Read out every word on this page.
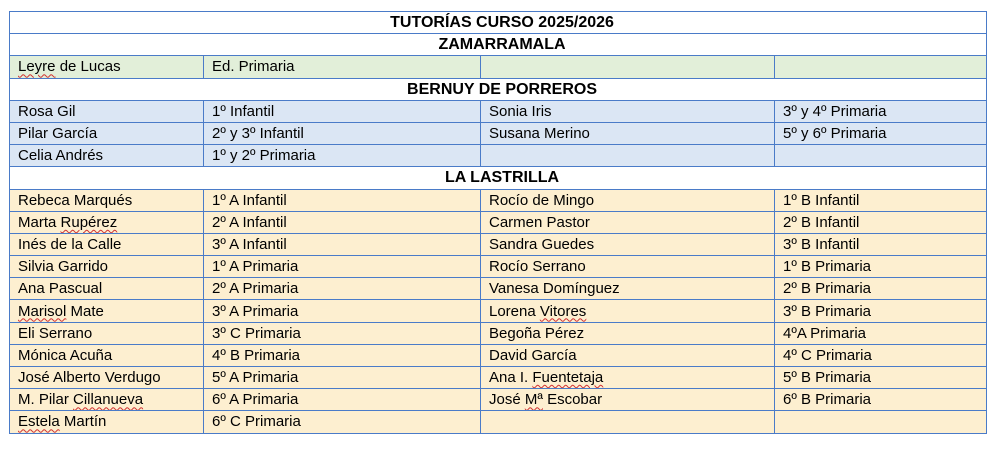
TUTORÍAS CURSO 2025/2026			
ZAMARRAMALA			
Leyre de Lucas	Ed. Primaria		
BERNUY DE PORREROS			
Rosa Gil	1º Infantil	Sonia Iris	3º y 4º Primaria
Pilar García	2º y 3º Infantil	Susana Merino	5º y 6º Primaria
Celia Andrés	1º y 2º Primaria		
LA LASTRILLA			
Rebeca Marqués	1º A Infantil	Rocío de Mingo	1º B Infantil
Marta Rupérez	2º A Infantil	Carmen Pastor	2º B Infantil
Inés de la Calle	3º A Infantil	Sandra Guedes	3º B Infantil
Silvia Garrido	1º A Primaria	Rocío Serrano	1º B Primaria
Ana Pascual	2º A Primaria	Vanesa Domínguez	2º B Primaria
Marisol Mate	3º A Primaria	Lorena Vitores	3º B Primaria
Eli Serrano	3º C Primaria	Begoña Pérez	4ºA Primaria
Mónica Acuña	4º B Primaria	David García	4º C Primaria
José Alberto Verdugo	5º A Primaria	Ana I. Fuentetaja	5º B Primaria
M. Pilar Cillanueva	6º A Primaria	José Mª Escobar	6º B Primaria
Estela Martín	6º C Primaria		
